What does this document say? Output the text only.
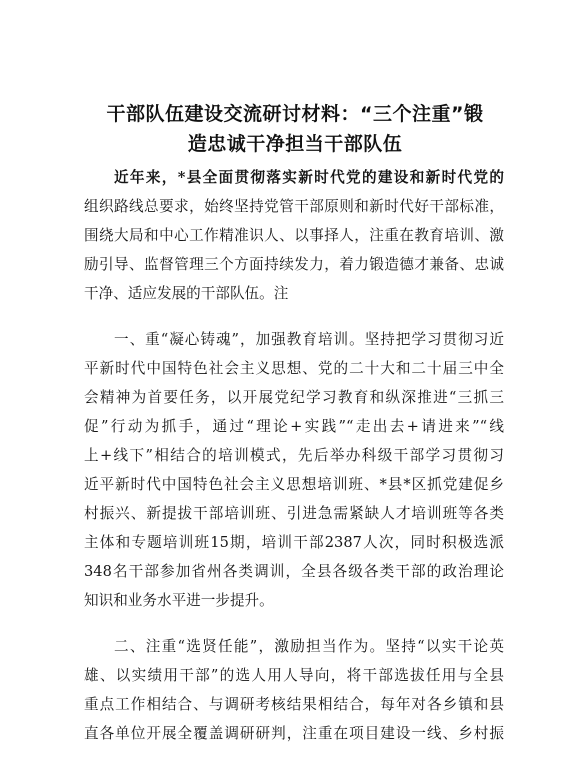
干部队伍建设交流研讨材料：“三个注重”锻
造忠诚干净担当干部队伍
近年来，*县全面贯彻落实新时代党的建设和新时代党的
组织路线总要求，始终坚持党管干部原则和新时代好干部标准，
围绕大局和中心工作精准识人、以事择人，注重在教育培训、激
励引导、监督管理三个方面持续发力，着力锻造德才兼备、忠诚
干净、适应发展的干部队伍。注
一、重“凝心铸魂”，加强教育培训。坚持把学习贯彻习近
平新时代中国特色社会主义思想、党的二十大和二十届三中全
会精神为首要任务，以开展党纪学习教育和纵深推进“三抓三
促”行动为抓手，通过“理论+实践”“走出去+请进来”“线
上+线下”相结合的培训模式，先后举办科级干部学习贯彻习
近平新时代中国特色社会主义思想培训班、*县*区抓党建促乡
村振兴、新提拔干部培训班、引进急需紧缺人才培训班等各类
主体和专题培训班15期，培训干部2387人次，同时积极选派
348名干部参加省州各类调训，全县各级各类干部的政治理论
知识和业务水平进一步提升。
二、注重“选贤任能”，激励担当作为。坚持“以实干论英
雄、以实绩用干部”的选人用人导向，将干部选拔任用与全县
重点工作相结合、与调研考核结果相结合，每年对各乡镇和县
直各单位开展全覆盖调研研判，注重在项目建设一线、乡村振
